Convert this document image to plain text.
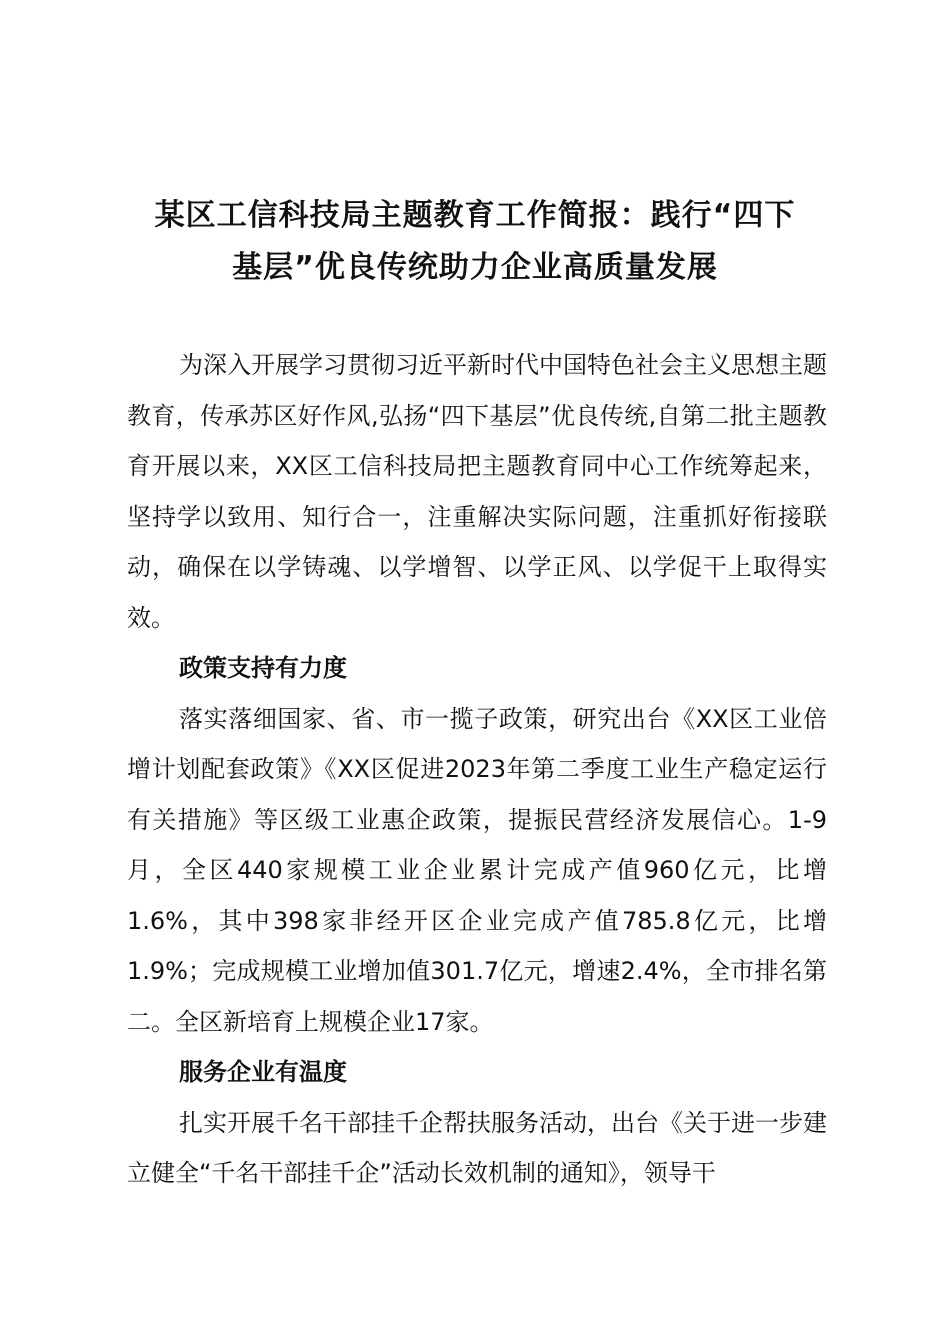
某区工信科技局主题教育工作简报：践行“四下
基层”优良传统助力企业高质量发展

为深入开展学习贯彻习近平新时代中国特色社会主义思想主题教育，传承苏区好作风,弘扬“四下基层”优良传统,自第二批主题教育开展以来，XX区工信科技局把主题教育同中心工作统筹起来，坚持学以致用、知行合一，注重解决实际问题，注重抓好衔接联动，确保在以学铸魂、以学增智、以学正风、以学促干上取得实效。

政策支持有力度

落实落细国家、省、市一揽子政策，研究出台《XX区工业倍增计划配套政策》《XX区促进2023年第二季度工业生产稳定运行有关措施》等区级工业惠企政策，提振民营经济发展信心。1-9月，全区440家规模工业企业累计完成产值960亿元，比增1.6%，其中398家非经开区企业完成产值785.8亿元，比增1.9%；完成规模工业增加值301.7亿元，增速2.4%，全市排名第二。全区新培育上规模企业17家。

服务企业有温度

扎实开展千名干部挂千企帮扶服务活动，出台《关于进一步建立健全“千名干部挂千企”活动长效机制的通知》，领导干
